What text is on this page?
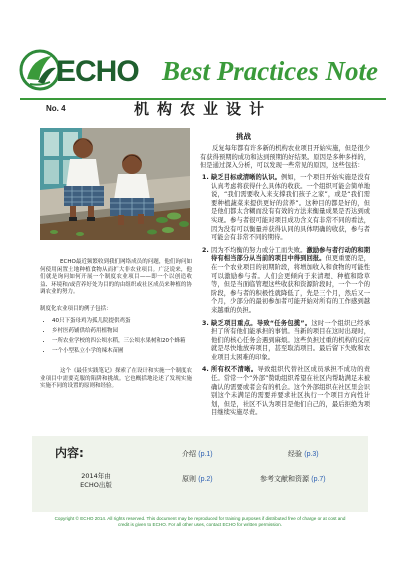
ECHO Best Practices Note
No. 4	机构农业设计
ECHO最近频繁收到我们网络成员的问题，他们询问如何使用闲置土地种植食物从而扩大非农业项目。广泛说来，他们就是询问如何开展一个制度农业项目——即一个以创造收益、环境和/或营养好处为目的的由组织或社区成员来种植的协调农业的努力。
制度化农业项目的例子包括：
• 40只下蛋母鸡为孤儿院提供鸡蛋
• 乡村医药铺供给药用植物园
• 一所农业学校的四公顷水稻，三公顷水果树和20个蜂箱
• 一个小型私立小学的辣木苗圃
这个《最佳实践笔记》探索了在设计和实施一个制度农业项目中需要克服的陷阱和挑战。它也概括地论述了发现实施实施不同的设置的原则和经验。
挑战
反复每年都有许多新的机构农业项目开始实施，但是很少有获得预期的成功和达到预期的好结果。原因是多种多样的，但是通过深入分析，可以发现一些常见的原因，这些包括：
1. 缺乏目标或清晰的认识。例如，一个项目开始实施是没有认真考虑将获得什么具体的收获。一个组织可能会简单地说，“我们需要收入来支撑我们孩子之家”，或是“我们需要种植蔬菜来提供更好的营养”。这种目的都是好的，但是他们都太含糊而没有有效的方法来衡量成果是否达到或实现。参与者很可能对项目成功含义有非常不同的看法，因为没有可以衡量并获得认同的具体明确的收获，参与者可能会有非常不同的期待。
2. 因为不均衡的努力或分工而失败。激励参与者行动的和期待有相当部分从当前的项目中得到回报。但更重要的是，在一个农业项目的初期阶段，将增加收入和食物的可能性可以激励参与者。人们会更倾向于来清理、种植和除草等，但是当面临管理这些收获和资源阶段时，一个一个的阶段，参与者的积极性就降低了，先是三个月，然后又一个月，少部分的最初参加者可能开始对所有的工作感到越来越重的负担。
3. 缺乏项目重点。导致“任务包揽”。这时一个组织已经承担了所有他们能承担的事情。当新的项目在这时出现时，他们的核心任务会遇到麻烦。这些负担过重的机构的反应就是尽快地放弃项目，甚至取消项目。最后留下失败和农业项目太困难的印象。
4. 所有权不清晰。导致组织代替社区成员承担不成功的责任。常常一个“外部”赞助组织希望在社区内帮助满足未被确认的需要或者会有的机会。这个外部组织在社区里会识别这个未满足的需要并要求社区执行一个项目方向性计划，但是，社区不认为项目是他们自己的，最后拒绝为项目继续实施尽责。
内容:
2014年由
ECHO出版
介绍 (p.1)	经验 (p.3)
原则 (p.2)	参考文献和资源 (p.7)
Copyright © ECHO 2014. All rights reserved. This document may be reproduced for training purposes if distributed free of charge or at cost and credit is given to ECHO. For all other uses, contact ECHO for written permission.
